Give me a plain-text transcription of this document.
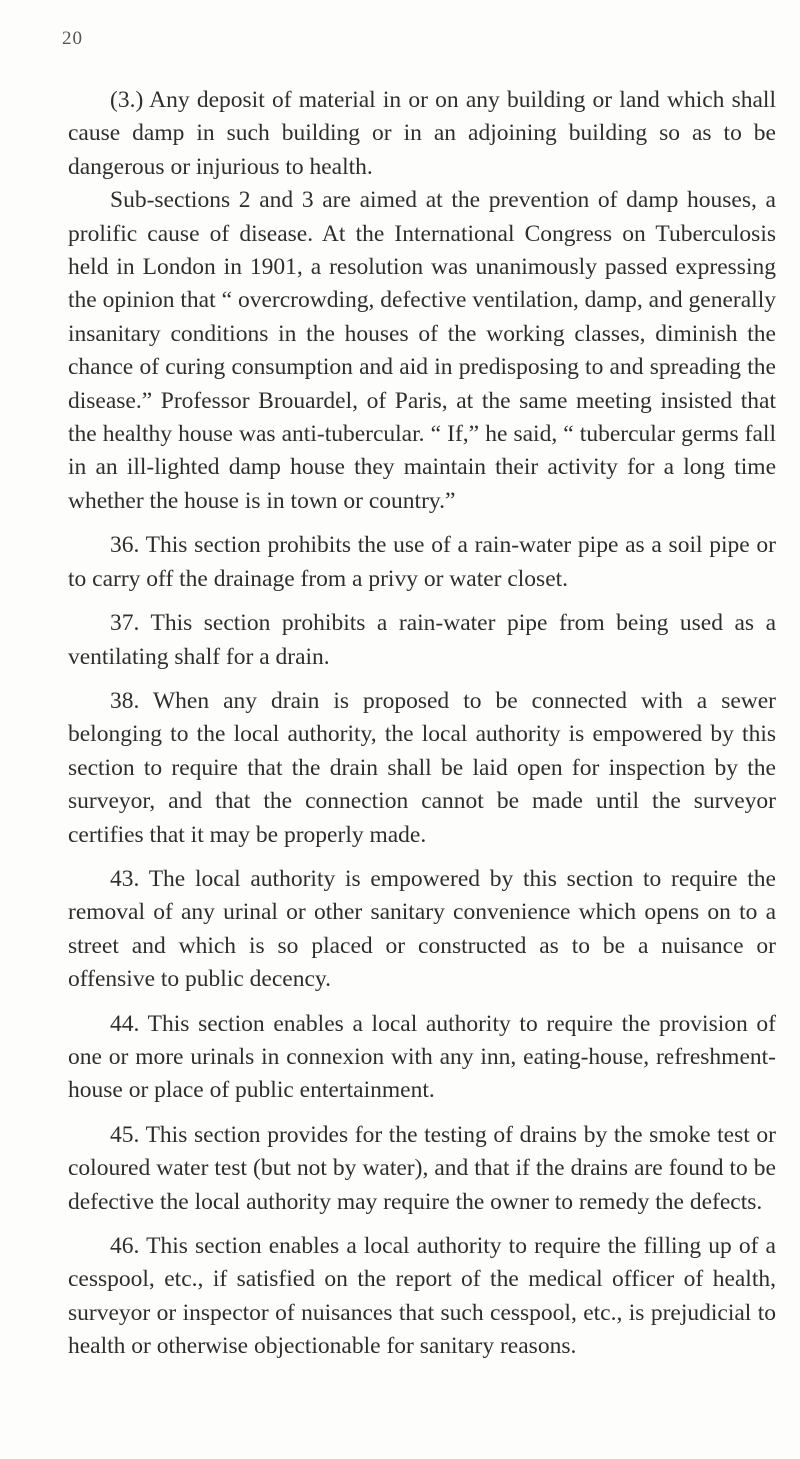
20

(3.) Any deposit of material in or on any building or land which shall cause damp in such building or in an adjoining building so as to be dangerous or injurious to health.

Sub-sections 2 and 3 are aimed at the prevention of damp houses, a prolific cause of disease. At the International Congress on Tuberculosis held in London in 1901, a resolution was unanimously passed expressing the opinion that “ overcrowding, defective ventilation, damp, and generally insanitary conditions in the houses of the working classes, diminish the chance of curing consumption and aid in predisposing to and spreading the disease.” Professor Brouardel, of Paris, at the same meeting insisted that the healthy house was anti-tubercular. “ If,” he said, “ tubercular germs fall in an ill-lighted damp house they maintain their activity for a long time whether the house is in town or country.”

36. This section prohibits the use of a rain-water pipe as a soil pipe or to carry off the drainage from a privy or water closet.

37. This section prohibits a rain-water pipe from being used as a ventilating shalf for a drain.

38. When any drain is proposed to be connected with a sewer belonging to the local authority, the local authority is empowered by this section to require that the drain shall be laid open for inspection by the surveyor, and that the connection cannot be made until the surveyor certifies that it may be properly made.

43. The local authority is empowered by this section to require the removal of any urinal or other sanitary convenience which opens on to a street and which is so placed or constructed as to be a nuisance or offensive to public decency.

44. This section enables a local authority to require the provision of one or more urinals in connexion with any inn, eating-house, refreshment-house or place of public entertainment.

45. This section provides for the testing of drains by the smoke test or coloured water test (but not by water), and that if the drains are found to be defective the local authority may require the owner to remedy the defects.

46. This section enables a local authority to require the filling up of a cesspool, etc., if satisfied on the report of the medical officer of health, surveyor or inspector of nuisances that such cesspool, etc., is prejudicial to health or otherwise objectionable for sanitary reasons.
